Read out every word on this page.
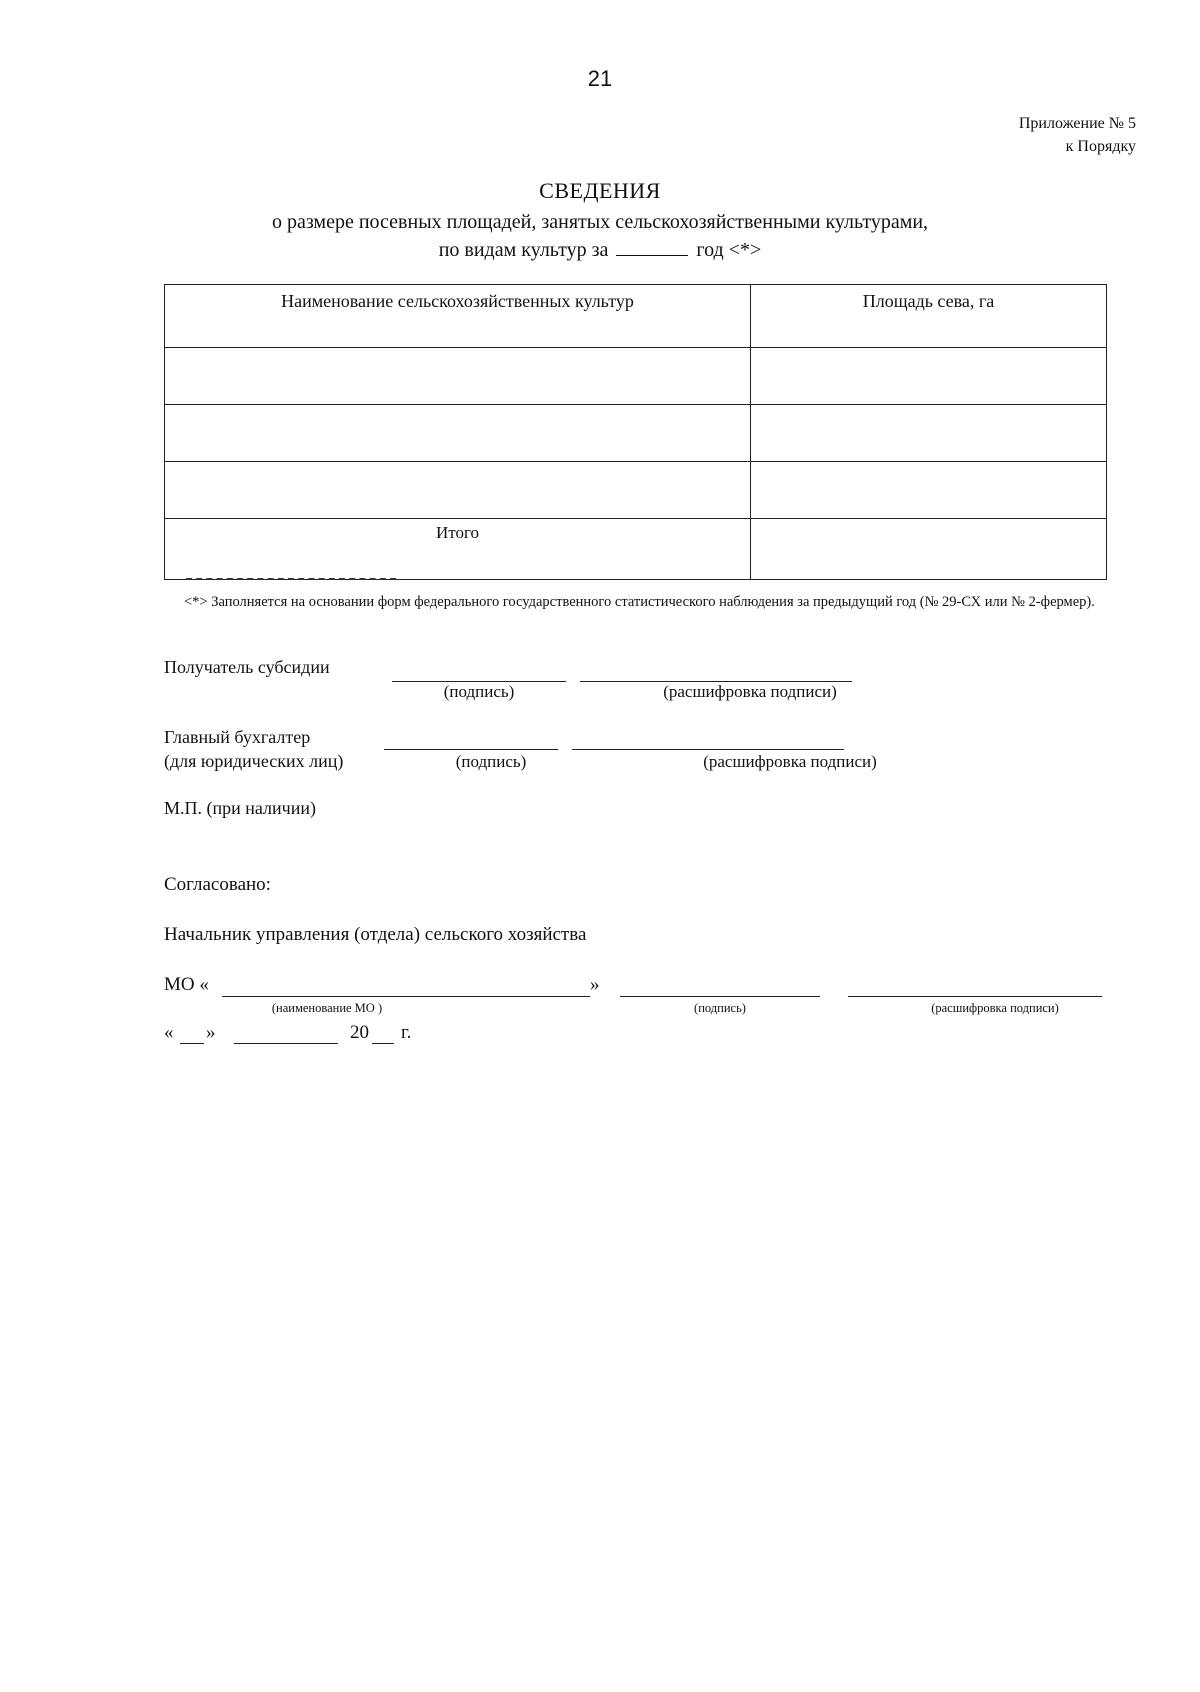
21
Приложение № 5
к Порядку
СВЕДЕНИЯ
о размере посевных площадей, занятых сельскохозяйственными культурами,
по видам культур за	год <*>
Наименование сельскохозяйственных культур	Площадь сева, га

Итого	
<*> Заполняется на основании форм федерального государственного статистического наблюдения за предыдущий год (№ 29-СХ или № 2-фермер).
Получатель субсидии
(подпись)	(расшифровка подписи)
Главный бухгалтер
(для юридических лиц)	(подпись)	(расшифровка подписи)
М.П. (при наличии)
Согласовано:
Начальник управления (отдела) сельского хозяйства
МО «	»
(наименование МО )	(подпись)	(расшифровка подписи)
« »	20 г.
